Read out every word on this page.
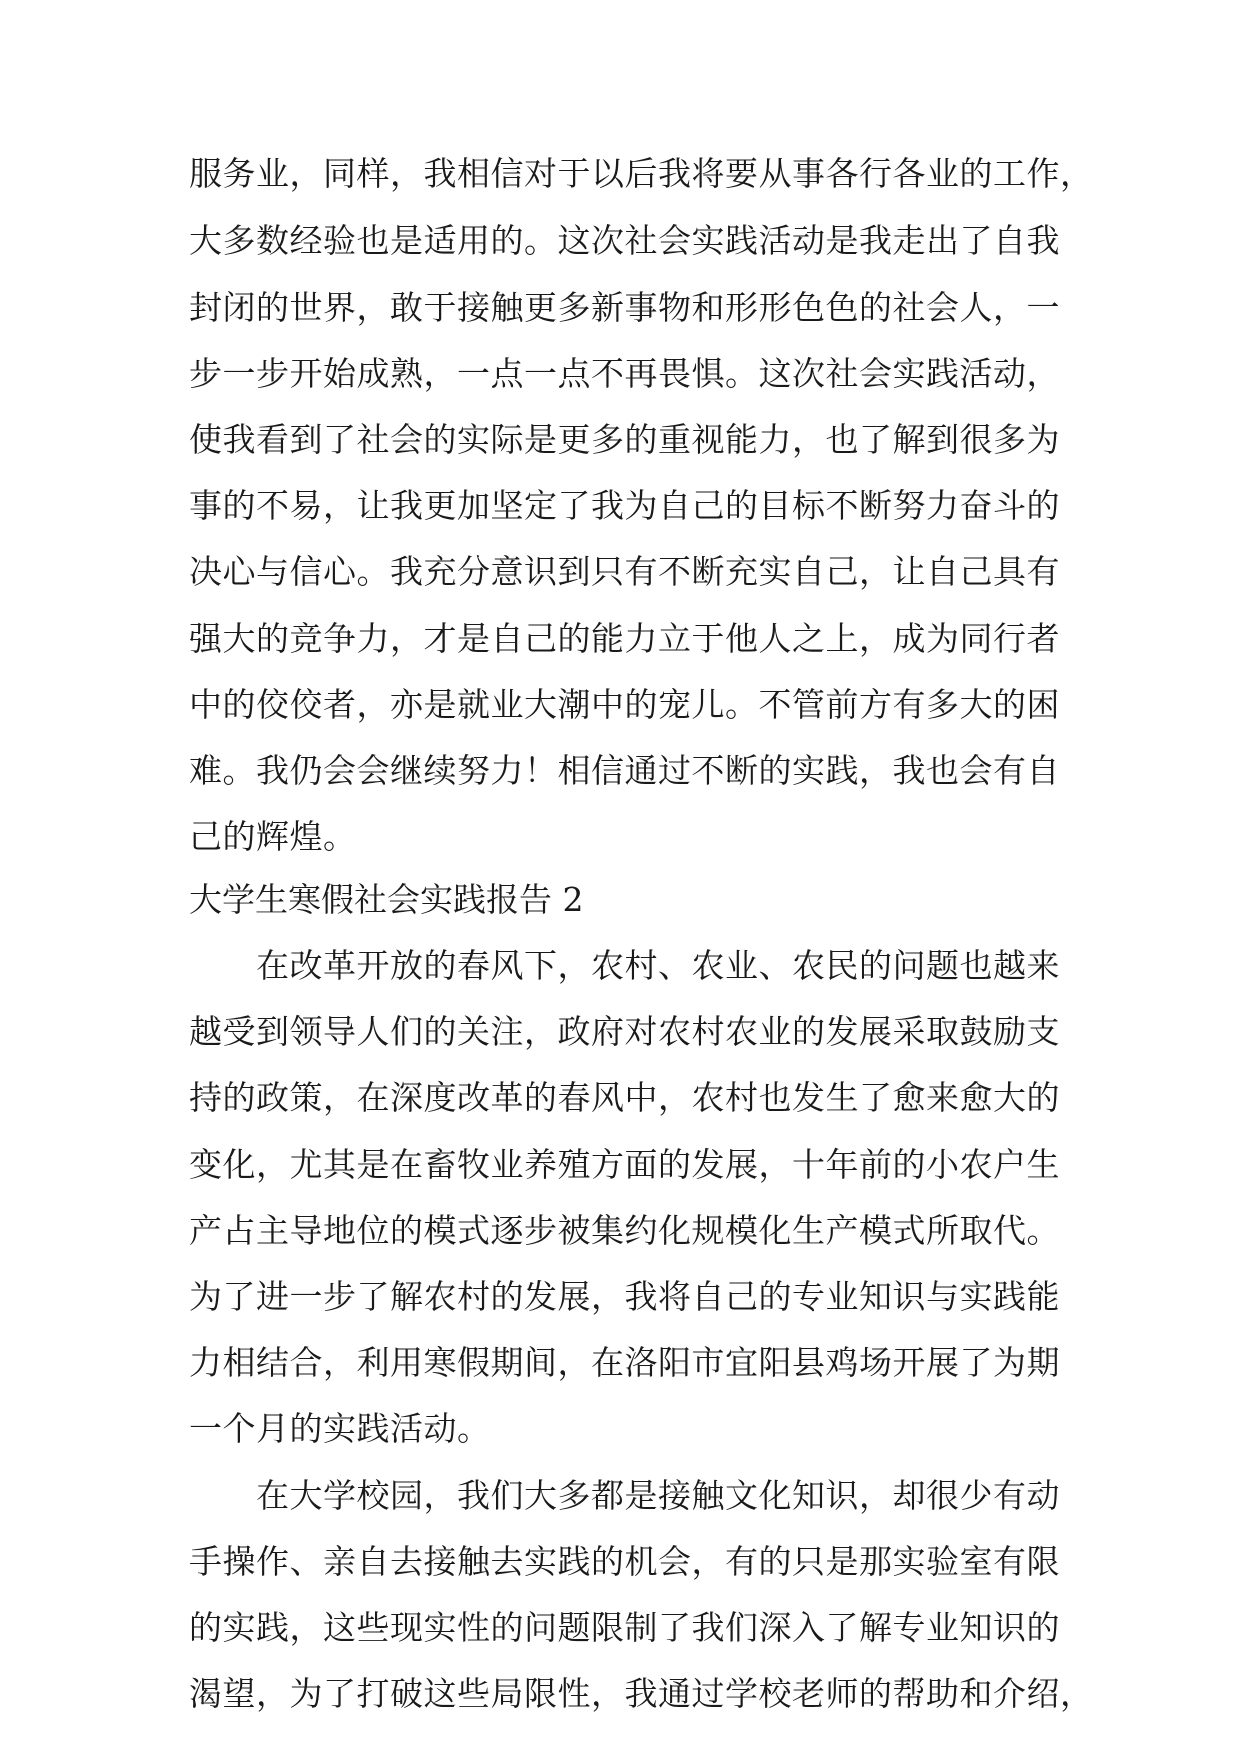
服务业，同样，我相信对于以后我将要从事各行各业的工作，
大多数经验也是适用的。这次社会实践活动是我走出了自我
封闭的世界，敢于接触更多新事物和形形色色的社会人，一
步一步开始成熟，一点一点不再畏惧。这次社会实践活动，
使我看到了社会的实际是更多的重视能力，也了解到很多为
事的不易，让我更加坚定了我为自己的目标不断努力奋斗的
决心与信心。我充分意识到只有不断充实自己，让自己具有
强大的竞争力，才是自己的能力立于他人之上，成为同行者
中的佼佼者，亦是就业大潮中的宠儿。不管前方有多大的困
难。我仍会会继续努力！相信通过不断的实践，我也会有自
己的辉煌。
大学生寒假社会实践报告 2
　　在改革开放的春风下，农村、农业、农民的问题也越来
越受到领导人们的关注，政府对农村农业的发展采取鼓励支
持的政策，在深度改革的春风中，农村也发生了愈来愈大的
变化，尤其是在畜牧业养殖方面的发展，十年前的小农户生
产占主导地位的模式逐步被集约化规模化生产模式所取代。
为了进一步了解农村的发展，我将自己的专业知识与实践能
力相结合，利用寒假期间，在洛阳市宜阳县鸡场开展了为期
一个月的实践活动。
　　在大学校园，我们大多都是接触文化知识，却很少有动
手操作、亲自去接触去实践的机会，有的只是那实验室有限
的实践，这些现实性的问题限制了我们深入了解专业知识的
渴望，为了打破这些局限性，我通过学校老师的帮助和介绍，
